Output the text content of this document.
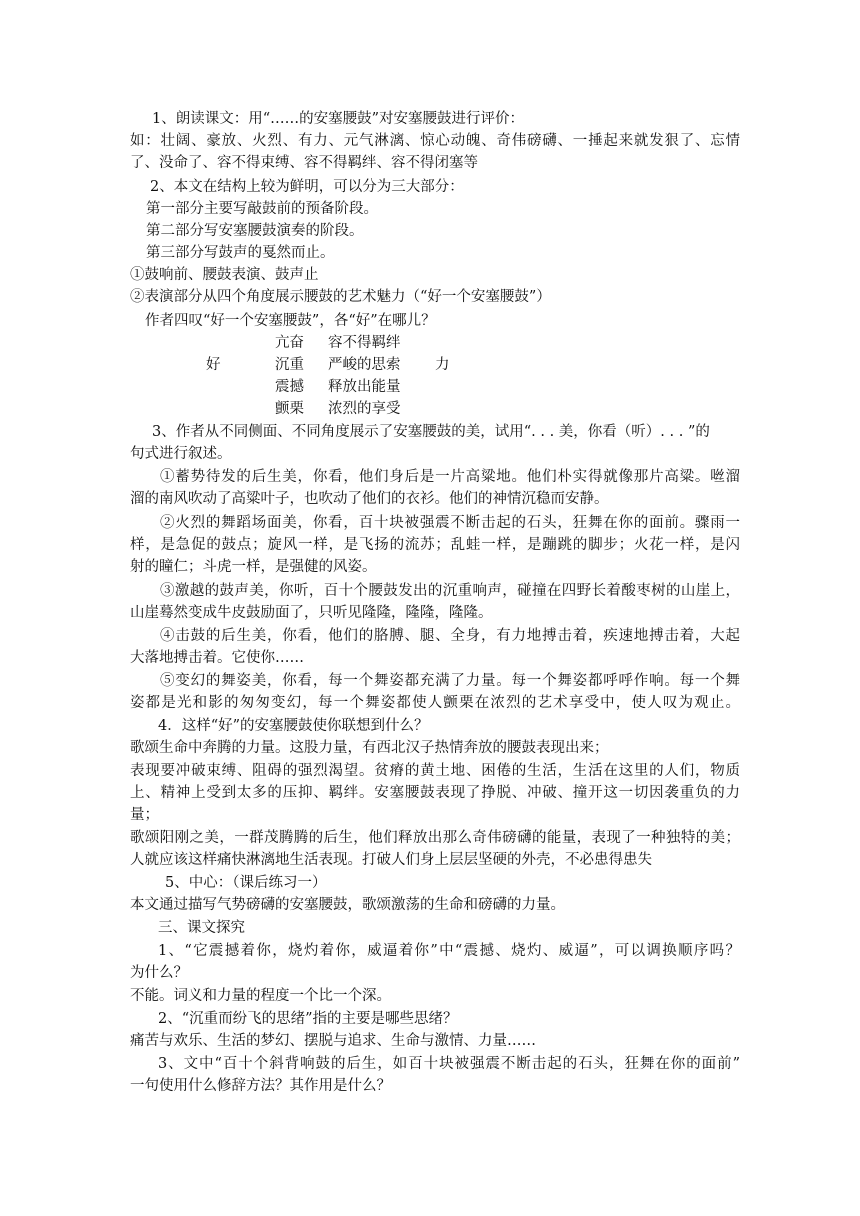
1、朗读课文：用“……的安塞腰鼓”对安塞腰鼓进行评价：
如：壮阔、豪放、火烈、有力、元气淋漓、惊心动魄、奇伟磅礴、一捶起来就发狠了、忘情
了、没命了、容不得束缚、容不得羁绊、容不得闭塞等
2、本文在结构上较为鲜明，可以分为三大部分：
第一部分主要写敲鼓前的预备阶段。
第二部分写安塞腰鼓演奏的阶段。
第三部分写鼓声的戛然而止。
①鼓响前、腰鼓表演、鼓声止
②表演部分从四个角度展示腰鼓的艺术魅力（“好一个安塞腰鼓”）
作者四叹“好一个安塞腰鼓”，各“好”在哪儿？
好	力
亢奋 容不得羁绊
沉重 严峻的思索
震撼 释放出能量
颤栗 浓烈的享受
3、作者从不同侧面、不同角度展示了安塞腰鼓的美，试用“. . . 美，你看（听）. . . ”的
句式进行叙述。
①蓄势待发的后生美，你看，他们身后是一片高粱地。他们朴实得就像那片高粱。咝溜
溜的南风吹动了高粱叶子，也吹动了他们的衣衫。他们的神情沉稳而安静。
②火烈的舞蹈场面美，你看，百十块被强震不断击起的石头，狂舞在你的面前。骤雨一
样，是急促的鼓点；旋风一样，是飞扬的流苏；乱蛙一样，是蹦跳的脚步；火花一样，是闪
射的瞳仁；斗虎一样，是强健的风姿。
③激越的鼓声美，你听，百十个腰鼓发出的沉重响声，碰撞在四野长着酸枣树的山崖上，
山崖蓦然变成牛皮鼓励面了，只听见隆隆，隆隆，隆隆。
④击鼓的后生美，你看，他们的胳膊、腿、全身，有力地搏击着，疾速地搏击着，大起
大落地搏击着。它使你……
⑤变幻的舞姿美，你看，每一个舞姿都充满了力量。每一个舞姿都呼呼作响。每一个舞
姿都是光和影的匆匆变幻，每一个舞姿都使人颤栗在浓烈的艺术享受中，使人叹为观止。
4．这样“好”的安塞腰鼓使你联想到什么？
歌颂生命中奔腾的力量。这股力量，有西北汉子热情奔放的腰鼓表现出来；
表现要冲破束缚、阻碍的强烈渴望。贫瘠的黄土地、困倦的生活，生活在这里的人们，物质
上、精神上受到太多的压抑、羁绊。安塞腰鼓表现了挣脱、冲破、撞开这一切因袭重负的力
量；
歌颂阳刚之美，一群茂腾腾的后生，他们释放出那么奇伟磅礴的能量，表现了一种独特的美；
人就应该这样痛快淋漓地生活表现。打破人们身上层层坚硬的外壳，不必患得患失
5、中心：（课后练习一）
本文通过描写气势磅礴的安塞腰鼓，歌颂激荡的生命和磅礴的力量。
三、课文探究
1、“它震撼着你，烧灼着你，威逼着你”中“震撼、烧灼、威逼”，可以调换顺序吗？
为什么？
不能。词义和力量的程度一个比一个深。
2、“沉重而纷飞的思绪”指的主要是哪些思绪？
痛苦与欢乐、生活的梦幻、摆脱与追求、生命与激情、力量……
3、文中“百十个斜背响鼓的后生，如百十块被强震不断击起的石头，狂舞在你的面前”
一句使用什么修辞方法？其作用是什么？
